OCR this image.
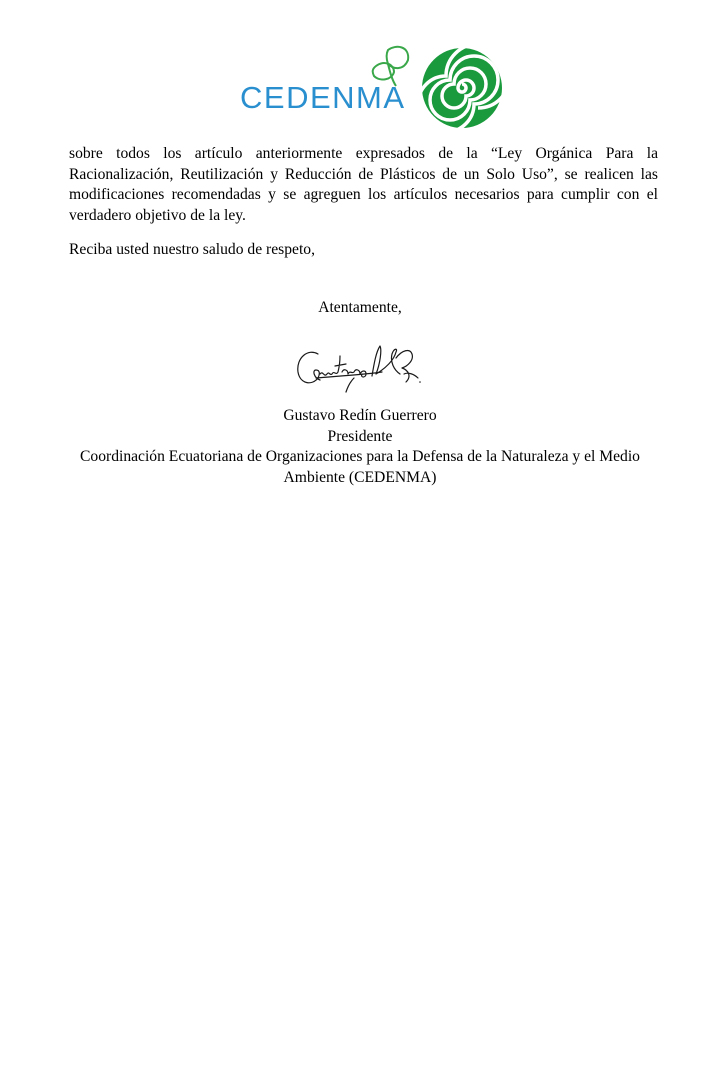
CEDENMA

sobre todos los artículo anteriormente expresados de la “Ley Orgánica Para la Racionalización, Reutilización y Reducción de Plásticos de un Solo Uso”, se realicen las modificaciones recomendadas y se agreguen los artículos necesarios para cumplir con el verdadero objetivo de la ley.

Reciba usted nuestro saludo de respeto,

Atentamente,

Gustavo Redín Guerrero
Presidente
Coordinación Ecuatoriana de Organizaciones para la Defensa de la Naturaleza y el Medio Ambiente (CEDENMA)
